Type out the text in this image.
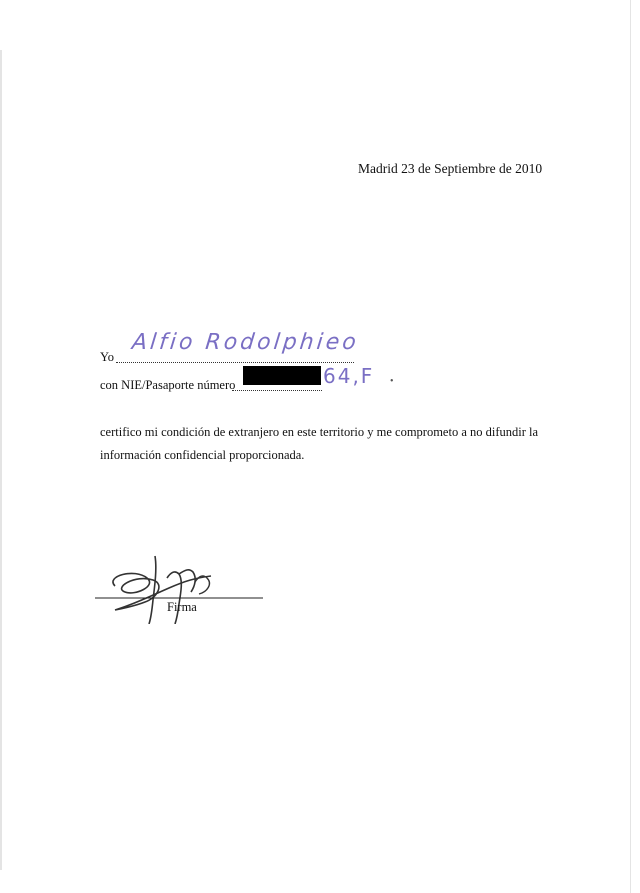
Madrid 23 de Septiembre de 2010
Yo
Alfio Rodolphieo
con NIE/Pasaporte número	64,F •
certifico mi condición de extranjero en este territorio y me comprometo a no difundir la
información confidencial proporcionada.
Firma
